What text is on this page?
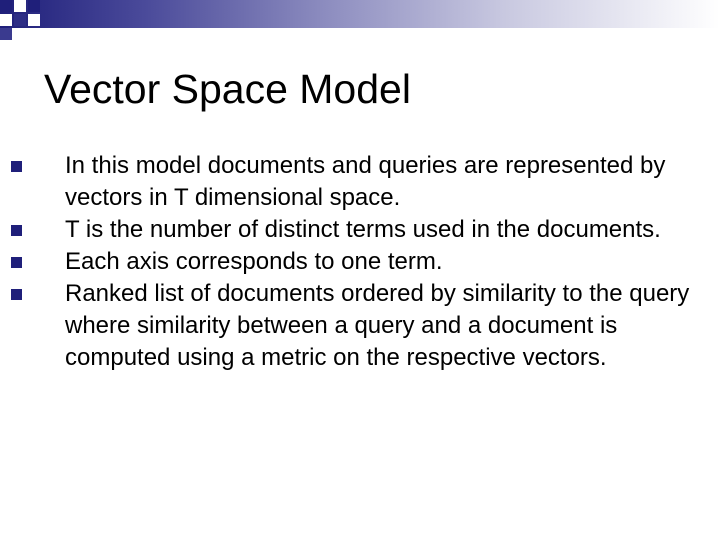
Vector Space Model
In this model documents and queries are represented by vectors in T dimensional space.
T is the number of distinct terms used in the documents.
Each axis corresponds to one term.
Ranked list of documents ordered by similarity to the query where similarity between a query and a document is computed using a metric on the respective vectors.
